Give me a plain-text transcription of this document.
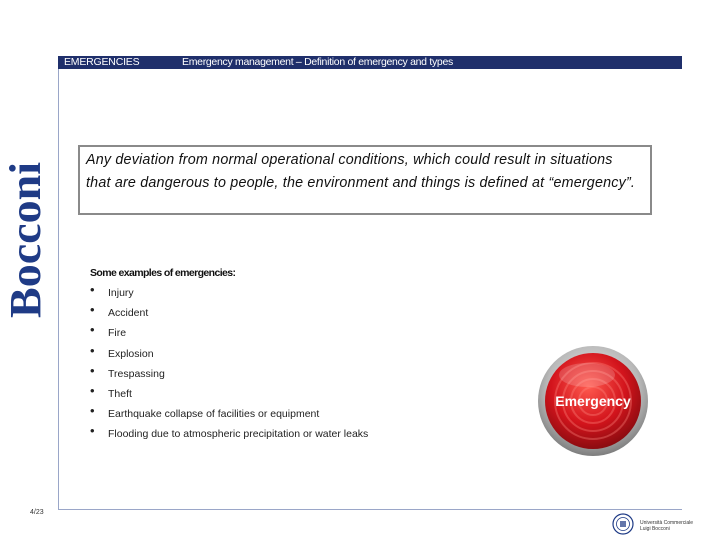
EMERGENCIES	Emergency management – Definition of emergency and types
Bocconi
Any deviation from normal operational conditions, which could result in situations that are dangerous to people, the environment and things is defined at “emergency”.
Some examples of emergencies:
• Injury
• Accident
• Fire
• Explosion
• Trespassing
• Theft
• Earthquake collapse of facilities or equipment
• Flooding due to atmospheric precipitation or water leaks
Emergency
4/23
Università Commerciale
Luigi Bocconi
